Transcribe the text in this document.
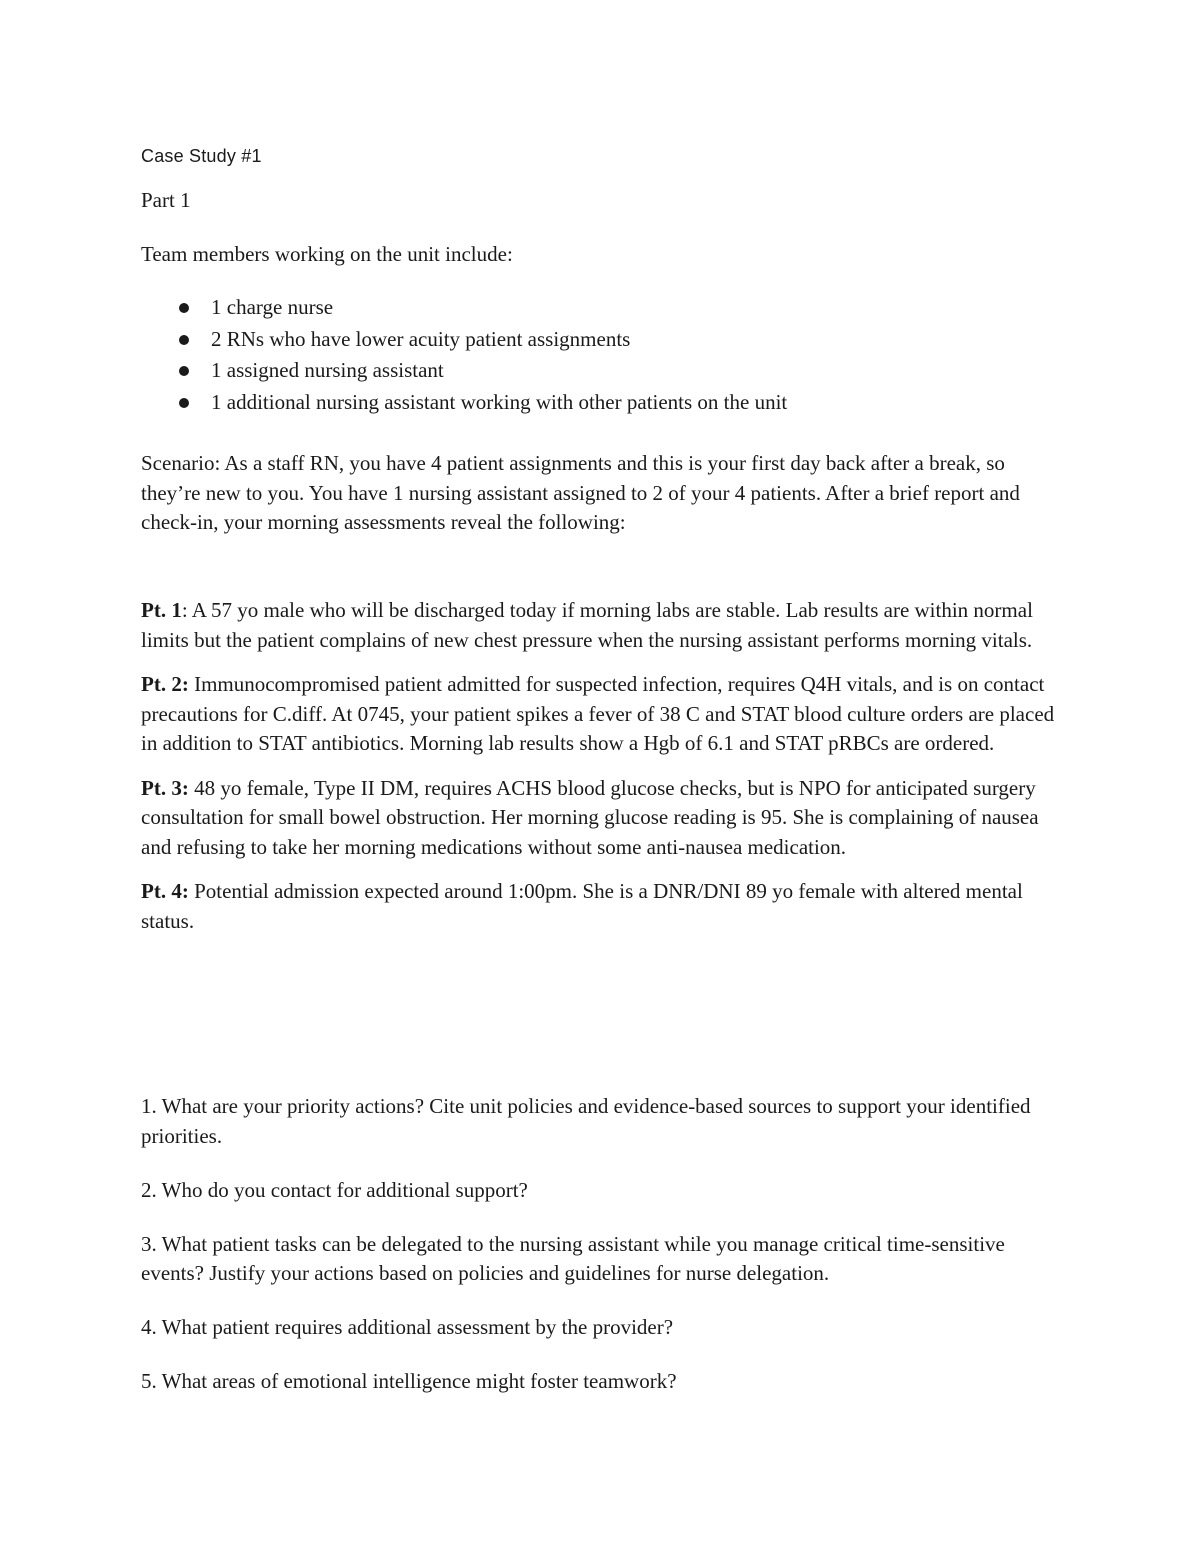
Case Study #1
Part 1
Team members working on the unit include:
1 charge nurse
2 RNs who have lower acuity patient assignments
1 assigned nursing assistant
1 additional nursing assistant working with other patients on the unit

Scenario: As a staff RN, you have 4 patient assignments and this is your first day back after a break, so they’re new to you. You have 1 nursing assistant assigned to 2 of your 4 patients. After a brief report and check-in, your morning assessments reveal the following:

Pt. 1: A 57 yo male who will be discharged today if morning labs are stable. Lab results are within normal limits but the patient complains of new chest pressure when the nursing assistant performs morning vitals.

Pt. 2: Immunocompromised patient admitted for suspected infection, requires Q4H vitals, and is on contact precautions for C.diff. At 0745, your patient spikes a fever of 38 C and STAT blood culture orders are placed in addition to STAT antibiotics. Morning lab results show a Hgb of 6.1 and STAT pRBCs are ordered.

Pt. 3: 48 yo female, Type II DM, requires ACHS blood glucose checks, but is NPO for anticipated surgery consultation for small bowel obstruction. Her morning glucose reading is 95. She is complaining of nausea and refusing to take her morning medications without some anti-nausea medication.

Pt. 4: Potential admission expected around 1:00pm. She is a DNR/DNI 89 yo female with altered mental status.

1. What are your priority actions? Cite unit policies and evidence-based sources to support your identified priorities.

2. Who do you contact for additional support?

3. What patient tasks can be delegated to the nursing assistant while you manage critical time-sensitive events? Justify your actions based on policies and guidelines for nurse delegation.

4. What patient requires additional assessment by the provider?

5. What areas of emotional intelligence might foster teamwork?
